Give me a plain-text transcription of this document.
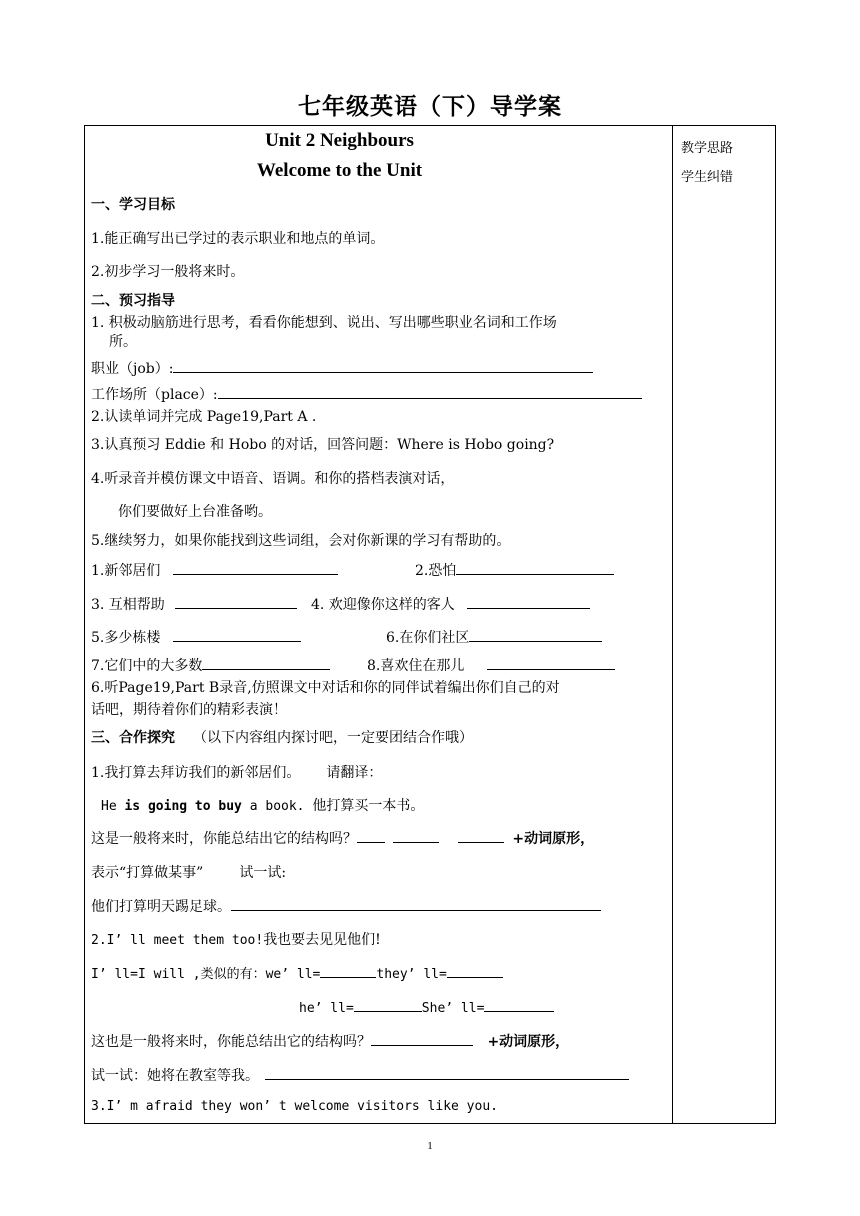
七年级英语（下）导学案
教学思路
学生纠错
Unit 2 Neighbours
Welcome to the Unit
一、学习目标
1.能正确写出已学过的表示职业和地点的单词。
2.初步学习一般将来时。
二、预习指导
1. 积极动脑筋进行思考，看看你能想到、说出、写出哪些职业名词和工作场
所。
职业（job）:
工作场所（place）:
2.认读单词并完成 Page19,Part A .
3.认真预习 Eddie 和 Hobo 的对话，回答问题：Where is Hobo going?
4.听录音并模仿课文中语音、语调。和你的搭档表演对话，
你们要做好上台准备哟。
5.继续努力，如果你能找到这些词组，会对你新课的学习有帮助的。
1.新邻居们	2.恐怕
3. 互相帮助	4. 欢迎像你这样的客人
5.多少栋楼	6.在你们社区
7.它们中的大多数	8.喜欢住在那儿
6.听Page19,Part B录音,仿照课文中对话和你的同伴试着编出你们自己的对
话吧，期待着你们的精彩表演！
三、合作探究 （以下内容组内探讨吧，一定要团结合作哦）
1.我打算去拜访我们的新邻居们。 请翻译：
He is going to buy a book. 他打算买一本书。
这是一般将来时，你能总结出它的结构吗？	+动词原形，
表示“打算做某事”	试一试:
他们打算明天踢足球。
2.I’ ll meet them too!我也要去见见他们!
I’ ll=I will ,类似的有：we’ ll=	they’ ll=
he’ ll=	She’ ll=
这也是一般将来时，你能总结出它的结构吗？	+动词原形，
试一试：她将在教室等我。
3.I’ m afraid they won’ t welcome visitors like you.
1
